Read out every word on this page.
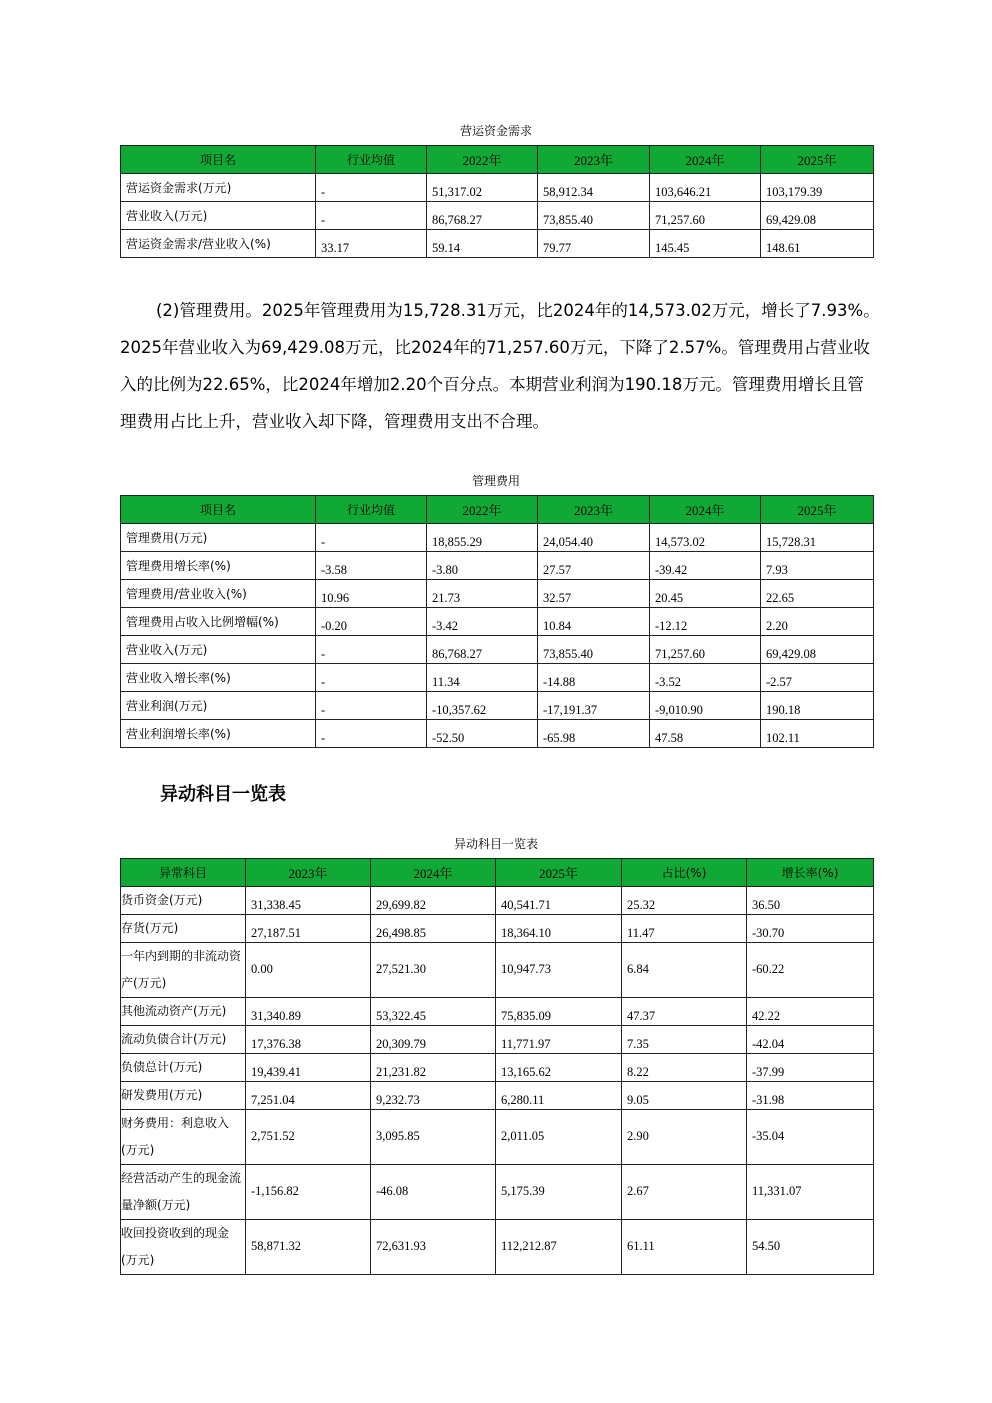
营运资金需求
项目名	行业均值	2022年	2023年	2024年	2025年
营运资金需求(万元)	-	51,317.02	58,912.34	103,646.21	103,179.39
营业收入(万元)	-	86,768.27	73,855.40	71,257.60	69,429.08
营运资金需求/营业收入(%)	33.17	59.14	79.77	145.45	148.61
(2)管理费用。2025年管理费用为15,728.31万元，比2024年的14,573.02万元，增长了7.93%。2025年营业收入为69,429.08万元，比2024年的71,257.60万元，下降了2.57%。管理费用占营业收入的比例为22.65%，比2024年增加2.20个百分点。本期营业利润为190.18万元。管理费用增长且管理费用占比上升，营业收入却下降，管理费用支出不合理。
管理费用
项目名	行业均值	2022年	2023年	2024年	2025年
管理费用(万元)	-	18,855.29	24,054.40	14,573.02	15,728.31
管理费用增长率(%)	-3.58	-3.80	27.57	-39.42	7.93
管理费用/营业收入(%)	10.96	21.73	32.57	20.45	22.65
管理费用占收入比例增幅(%)	-0.20	-3.42	10.84	-12.12	2.20
营业收入(万元)	-	86,768.27	73,855.40	71,257.60	69,429.08
营业收入增长率(%)	-	11.34	-14.88	-3.52	-2.57
营业利润(万元)	-	-10,357.62	-17,191.37	-9,010.90	190.18
营业利润增长率(%)	-	-52.50	-65.98	47.58	102.11
异动科目一览表
异动科目一览表
异常科目	2023年	2024年	2025年	占比(%)	增长率(%)
货币资金(万元)	31,338.45	29,699.82	40,541.71	25.32	36.50
存货(万元)	27,187.51	26,498.85	18,364.10	11.47	-30.70
一年内到期的非流动资产(万元)	0.00	27,521.30	10,947.73	6.84	-60.22
其他流动资产(万元)	31,340.89	53,322.45	75,835.09	47.37	42.22
流动负债合计(万元)	17,376.38	20,309.79	11,771.97	7.35	-42.04
负债总计(万元)	19,439.41	21,231.82	13,165.62	8.22	-37.99
研发费用(万元)	7,251.04	9,232.73	6,280.11	9.05	-31.98
财务费用：利息收入(万元)	2,751.52	3,095.85	2,011.05	2.90	-35.04
经营活动产生的现金流量净额(万元)	-1,156.82	-46.08	5,175.39	2.67	11,331.07
收回投资收到的现金(万元)	58,871.32	72,631.93	112,212.87	61.11	54.50
